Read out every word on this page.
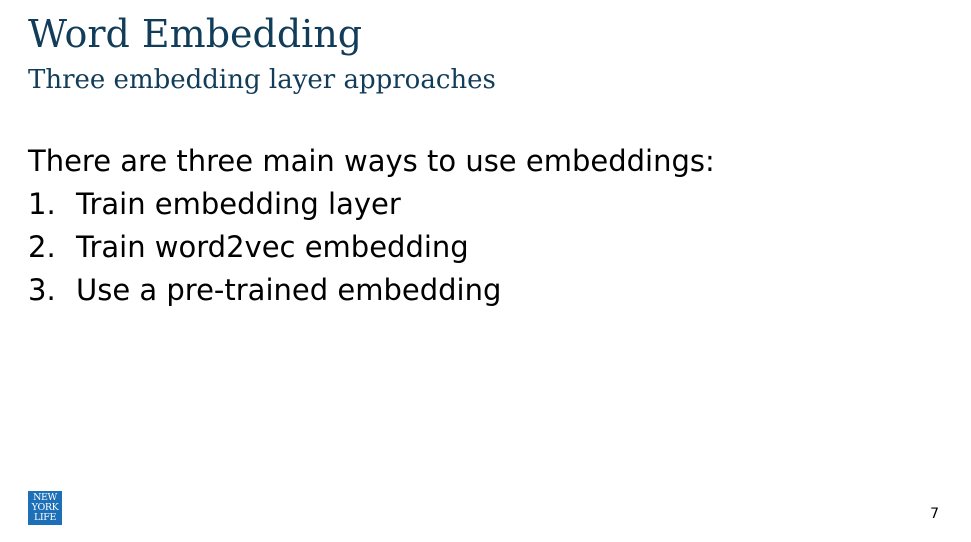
Word Embedding
Three embedding layer approaches

There are three main ways to use embeddings:

1. Train embedding layer
2. Train word2vec embedding
3. Use a pre-trained embedding
NEW
YORK
LIFE	7
